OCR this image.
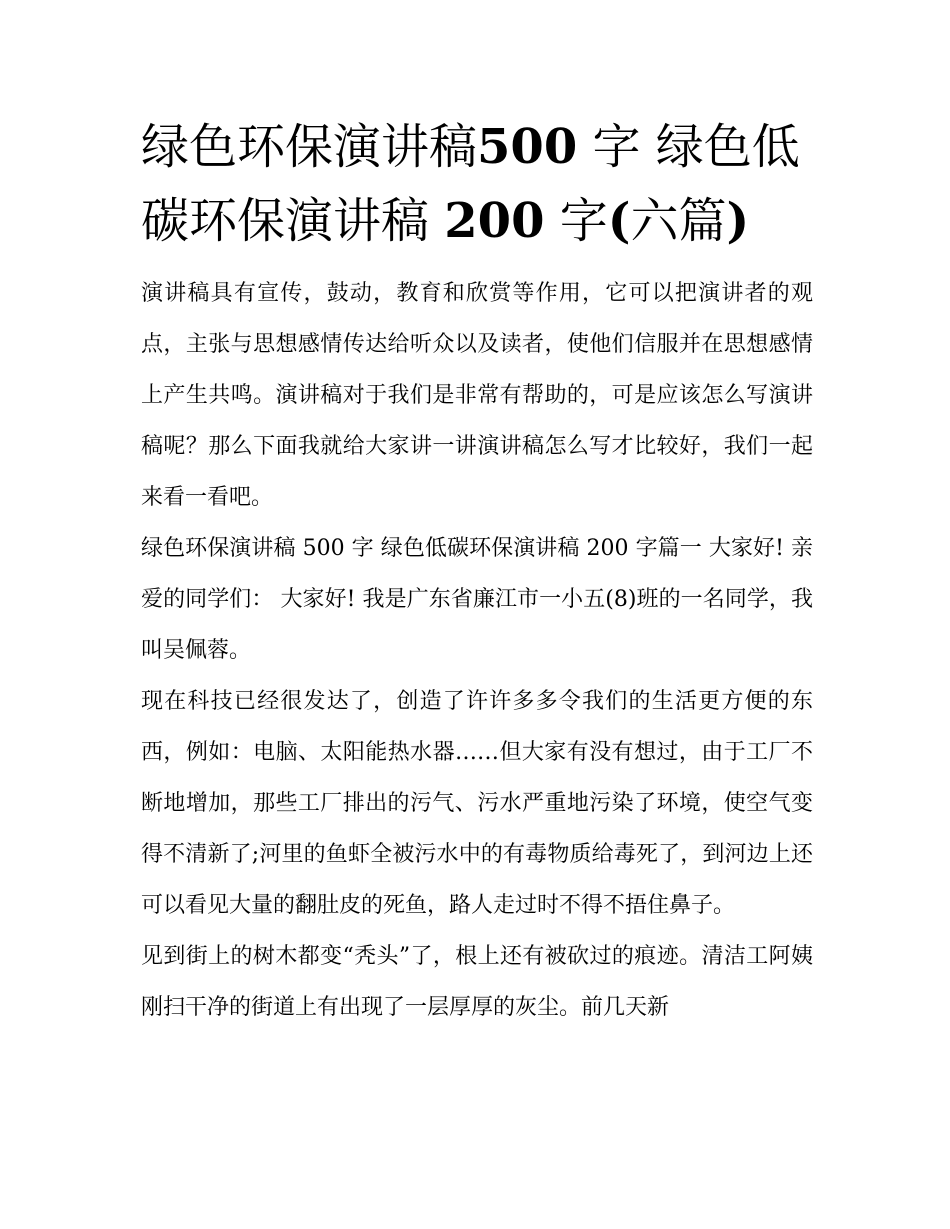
绿色环保演讲稿500 字 绿色低碳环保演讲稿 200 字(六篇)

演讲稿具有宣传，鼓动，教育和欣赏等作用，它可以把演讲者的观点，主张与思想感情传达给听众以及读者，使他们信服并在思想感情上产生共鸣。演讲稿对于我们是非常有帮助的，可是应该怎么写演讲稿呢？那么下面我就给大家讲一讲演讲稿怎么写才比较好，我们一起来看一看吧。

绿色环保演讲稿 500 字 绿色低碳环保演讲稿 200 字篇一 大家好! 亲爱的同学们： 大家好! 我是广东省廉江市一小五(8)班的一名同学，我叫吴佩蓉。

现在科技已经很发达了，创造了许许多多令我们的生活更方便的东西，例如：电脑、太阳能热水器……但大家有没有想过，由于工厂不断地增加，那些工厂排出的污气、污水严重地污染了环境，使空气变得不清新了;河里的鱼虾全被污水中的有毒物质给毒死了，到河边上还可以看见大量的翻肚皮的死鱼，路人走过时不得不捂住鼻子。

见到街上的树木都变“秃头”了，根上还有被砍过的痕迹。清洁工阿姨刚扫干净的街道上有出现了一层厚厚的灰尘。前几天新
